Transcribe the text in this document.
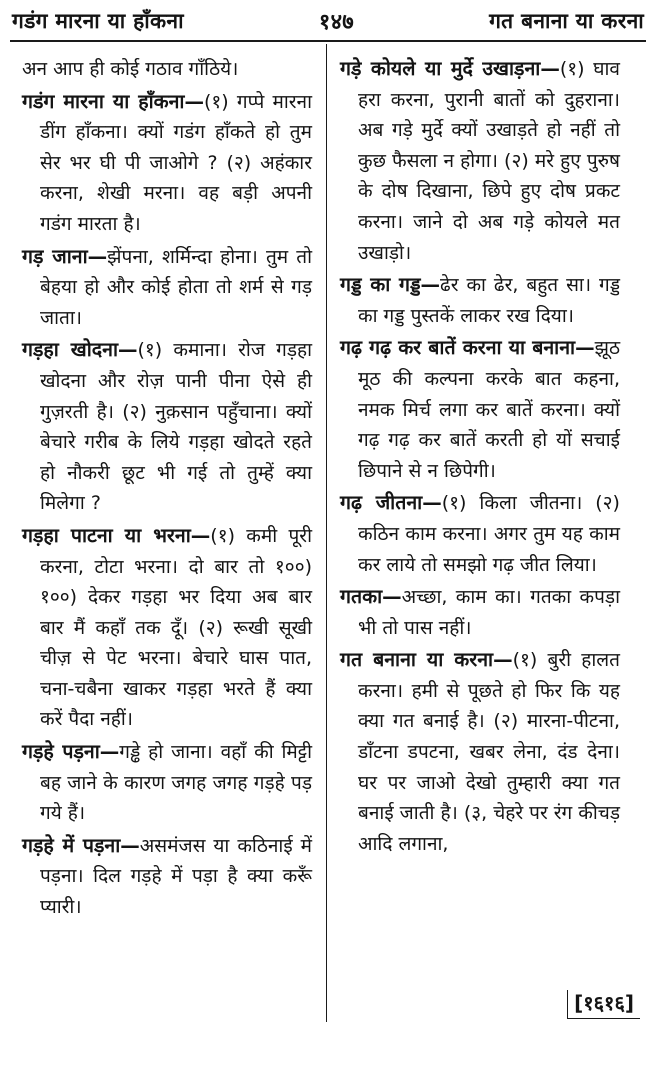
गडंग मारना या हाँकना	१४७	गत बनाना या करना
अन आप ही कोई गठाव गाँठिये।
गडंग मारना या हाँकना—(१) गप्पे मारना डींग हाँकना। क्यों गडंग हाँकते हो तुम सेर भर घी पी जाओगे ? (२) अहंकार करना, शेखी मरना। वह बड़ी अपनी गडंग मारता है।
गड़ जाना—झेंपना, शर्मिन्दा होना। तुम तो बेहया हो और कोई होता तो शर्म से गड़ जाता।
गड़हा खोदना—(१) कमाना। रोज गड़हा खोदना और रोज़ पानी पीना ऐसे ही गुज़रती है। (२) नुक़सान पहुँचाना। क्यों बेचारे गरीब के लिये गड़हा खोदते रहते हो नौकरी छूट भी गई तो तुम्हें क्या मिलेगा ?
गड़हा पाटना या भरना—(१) कमी पूरी करना, टोटा भरना। दो बार तो १००) १००) देकर गड़हा भर दिया अब बार बार मैं कहाँ तक दूँ। (२) रूखी सूखी चीज़ से पेट भरना। बेचारे घास पात, चना-चबैना खाकर गड़हा भरते हैं क्या करें पैदा नहीं।
गड़हे पड़ना—गड्ढे हो जाना। वहाँ की मिट्टी बह जाने के कारण जगह जगह गड़हे पड़ गये हैं।
गड़हे में पड़ना—असमंजस या कठिनाई में पड़ना। दिल गड़हे में पड़ा है क्या करूँ प्यारी।
गड़े कोयले या मुर्दे उखाड़ना—(१) घाव हरा करना, पुरानी बातों को दुहराना। अब गड़े मुर्दे क्यों उखाड़ते हो नहीं तो कुछ फैसला न होगा। (२) मरे हुए पुरुष के दोष दिखाना, छिपे हुए दोष प्रकट करना। जाने दो अब गड़े कोयले मत उखाड़ो।
गड्ड का गड्ड—ढेर का ढेर, बहुत सा। गड्ड का गड्ड पुस्तकें लाकर रख दिया।
गढ़ गढ़ कर बातें करना या बनाना—झूठ मूठ की कल्पना करके बात कहना, नमक मिर्च लगा कर बातें करना। क्यों गढ़ गढ़ कर बातें करती हो यों सचाई छिपाने से न छिपेगी।
गढ़ जीतना—(१) किला जीतना। (२) कठिन काम करना। अगर तुम यह काम कर लाये तो समझो गढ़ जीत लिया।
गतका—अच्छा, काम का। गतका कपड़ा भी तो पास नहीं।
गत बनाना या करना—(१) बुरी हालत करना। हमी से पूछते हो फिर कि यह क्या गत बनाई है। (२) मारना-पीटना, डाँटना डपटना, खबर लेना, दंड देना। घर पर जाओ देखो तुम्हारी क्या गत बनाई जाती है। (३, चेहरे पर रंग कीचड़ आदि लगाना,
[१६१६]
